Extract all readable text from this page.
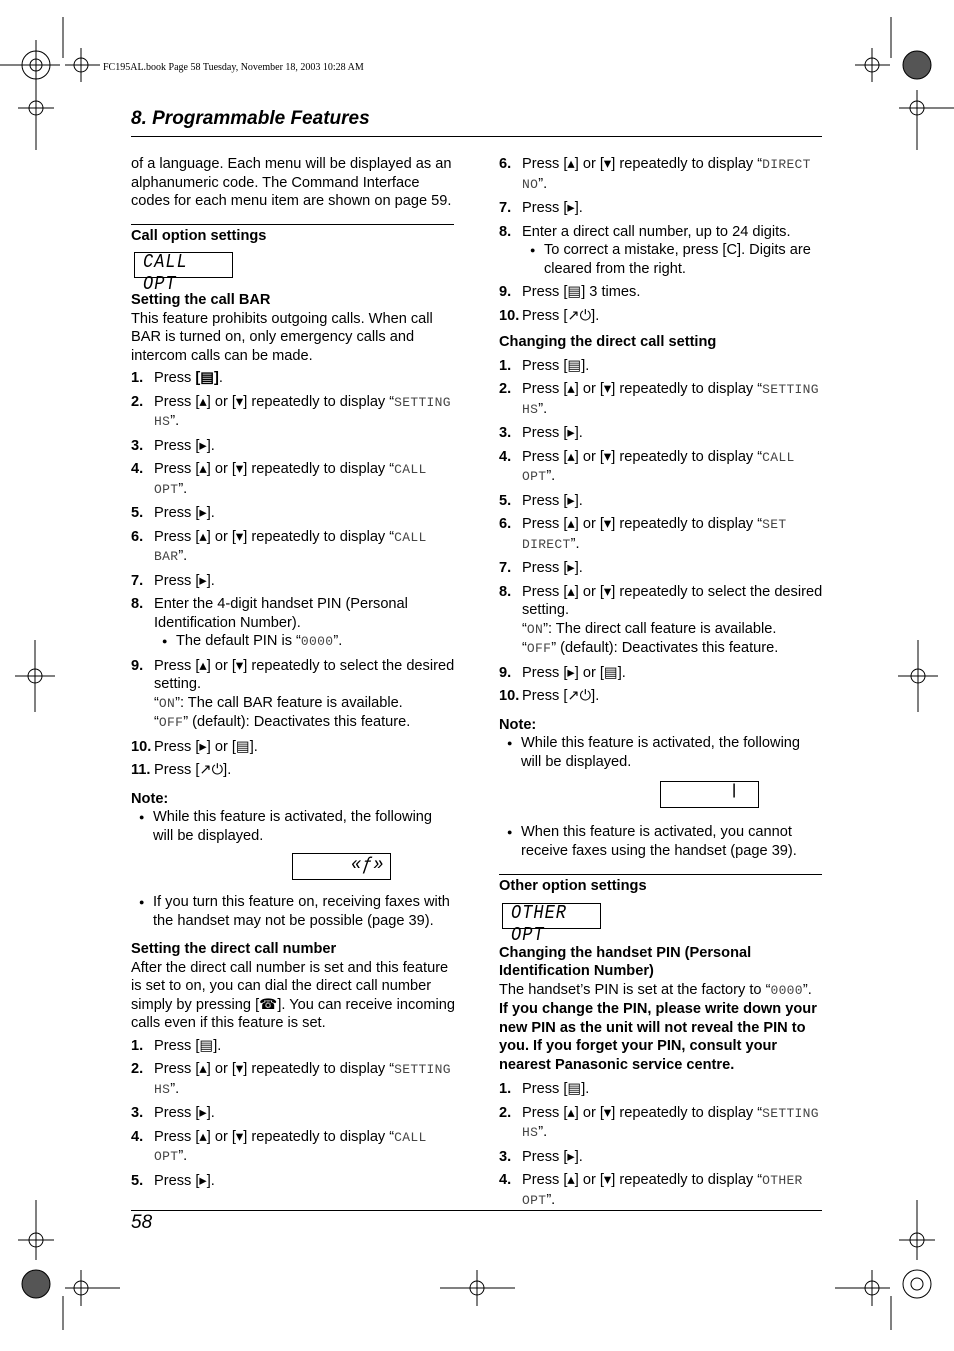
FC195AL.book Page 58 Tuesday, November 18, 2003 10:28 AM
8. Programmable Features

of a language. Each menu will be displayed as an alphanumeric code. The Command Interface codes for each menu item are shown on page 59.

Call option settings

CALL OPT

Setting the call BAR

This feature prohibits outgoing calls. When call BAR is turned on, only emergency calls and intercom calls can be made.

1. Press [▤].
2. Press [▴] or [▾] repeatedly to display “SETTING HS”.
3. Press [▸].
4. Press [▴] or [▾] repeatedly to display “CALL OPT”.
5. Press [▸].
6. Press [▴] or [▾] repeatedly to display “CALL BAR”.
7. Press [▸].
8. Enter the 4-digit handset PIN (Personal Identification Number).
● The default PIN is “0000”.
9. Press [▴] or [▾] repeatedly to select the desired setting.
“ON”: The call BAR feature is available.
“OFF” (default): Deactivates this feature.
10. Press [▸] or [▤].
11. Press [↗⏻].

Note:

● While this feature is activated, the following will be displayed.
«ƒ»
● If you turn this feature on, receiving faxes with the handset may not be possible (page 39).

Setting the direct call number

After the direct call number is set and this feature is set to on, you can dial the direct call number simply by pressing [☎]. You can receive incoming calls even if this feature is set.

1. Press [▤].
2. Press [▴] or [▾] repeatedly to display “SETTING HS”.
3. Press [▸].
4. Press [▴] or [▾] repeatedly to display “CALL OPT”.
5. Press [▸].
6. Press [▴] or [▾] repeatedly to display “DIRECT NO”.
7. Press [▸].
8. Enter a direct call number, up to 24 digits.
● To correct a mistake, press [C]. Digits are cleared from the right.
9. Press [▤] 3 times.
10. Press [↗⏻].

Changing the direct call setting

1. Press [▤].
2. Press [▴] or [▾] repeatedly to display “SETTING HS”.
3. Press [▸].
4. Press [▴] or [▾] repeatedly to display “CALL OPT”.
5. Press [▸].
6. Press [▴] or [▾] repeatedly to display “SET DIRECT”.
7. Press [▸].
8. Press [▴] or [▾] repeatedly to select the desired setting.
“ON”: The direct call feature is available.
“OFF” (default): Deactivates this feature.
9. Press [▸] or [▤].
10. Press [↗⏻].

Note:

● While this feature is activated, the following will be displayed.
ǀ
● When this feature is activated, you cannot receive faxes using the handset (page 39).

Other option settings

OTHER OPT

Changing the handset PIN (Personal Identification Number)

The handset’s PIN is set at the factory to “0000”.

If you change the PIN, please write down your new PIN as the unit will not reveal the PIN to you. If you forget your PIN, consult your nearest Panasonic service centre.

1. Press [▤].
2. Press [▴] or [▾] repeatedly to display “SETTING HS”.
3. Press [▸].
4. Press [▴] or [▾] repeatedly to display “OTHER OPT”.
58
